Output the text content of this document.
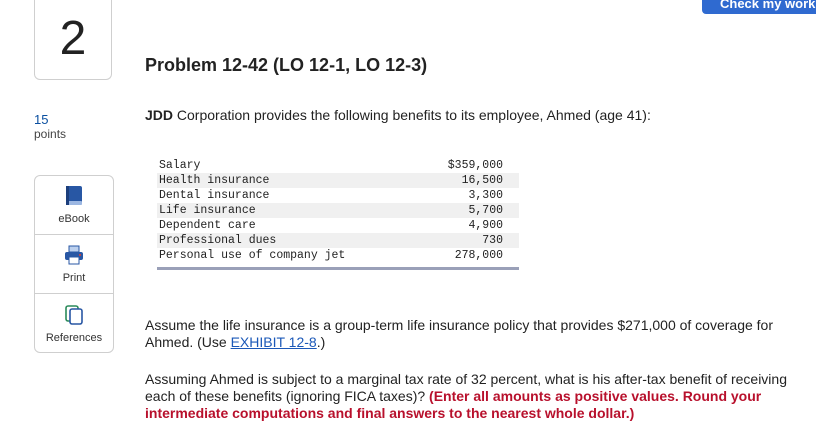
2
Check my work
Problem 12-42 (LO 12-1, LO 12-3)
15
points
eBook
Print
References
JDD Corporation provides the following benefits to its employee, Ahmed (age 41):
Salary	$359,000
Health insurance	16,500
Dental insurance	3,300
Life insurance	5,700
Dependent care	4,900
Professional dues	730
Personal use of company jet	278,000
Assume the life insurance is a group-term life insurance policy that provides $271,000 of coverage for Ahmed. (Use EXHIBIT 12-8.)
Assuming Ahmed is subject to a marginal tax rate of 32 percent, what is his after-tax benefit of receiving each of these benefits (ignoring FICA taxes)? (Enter all amounts as positive values. Round your intermediate computations and final answers to the nearest whole dollar.)
